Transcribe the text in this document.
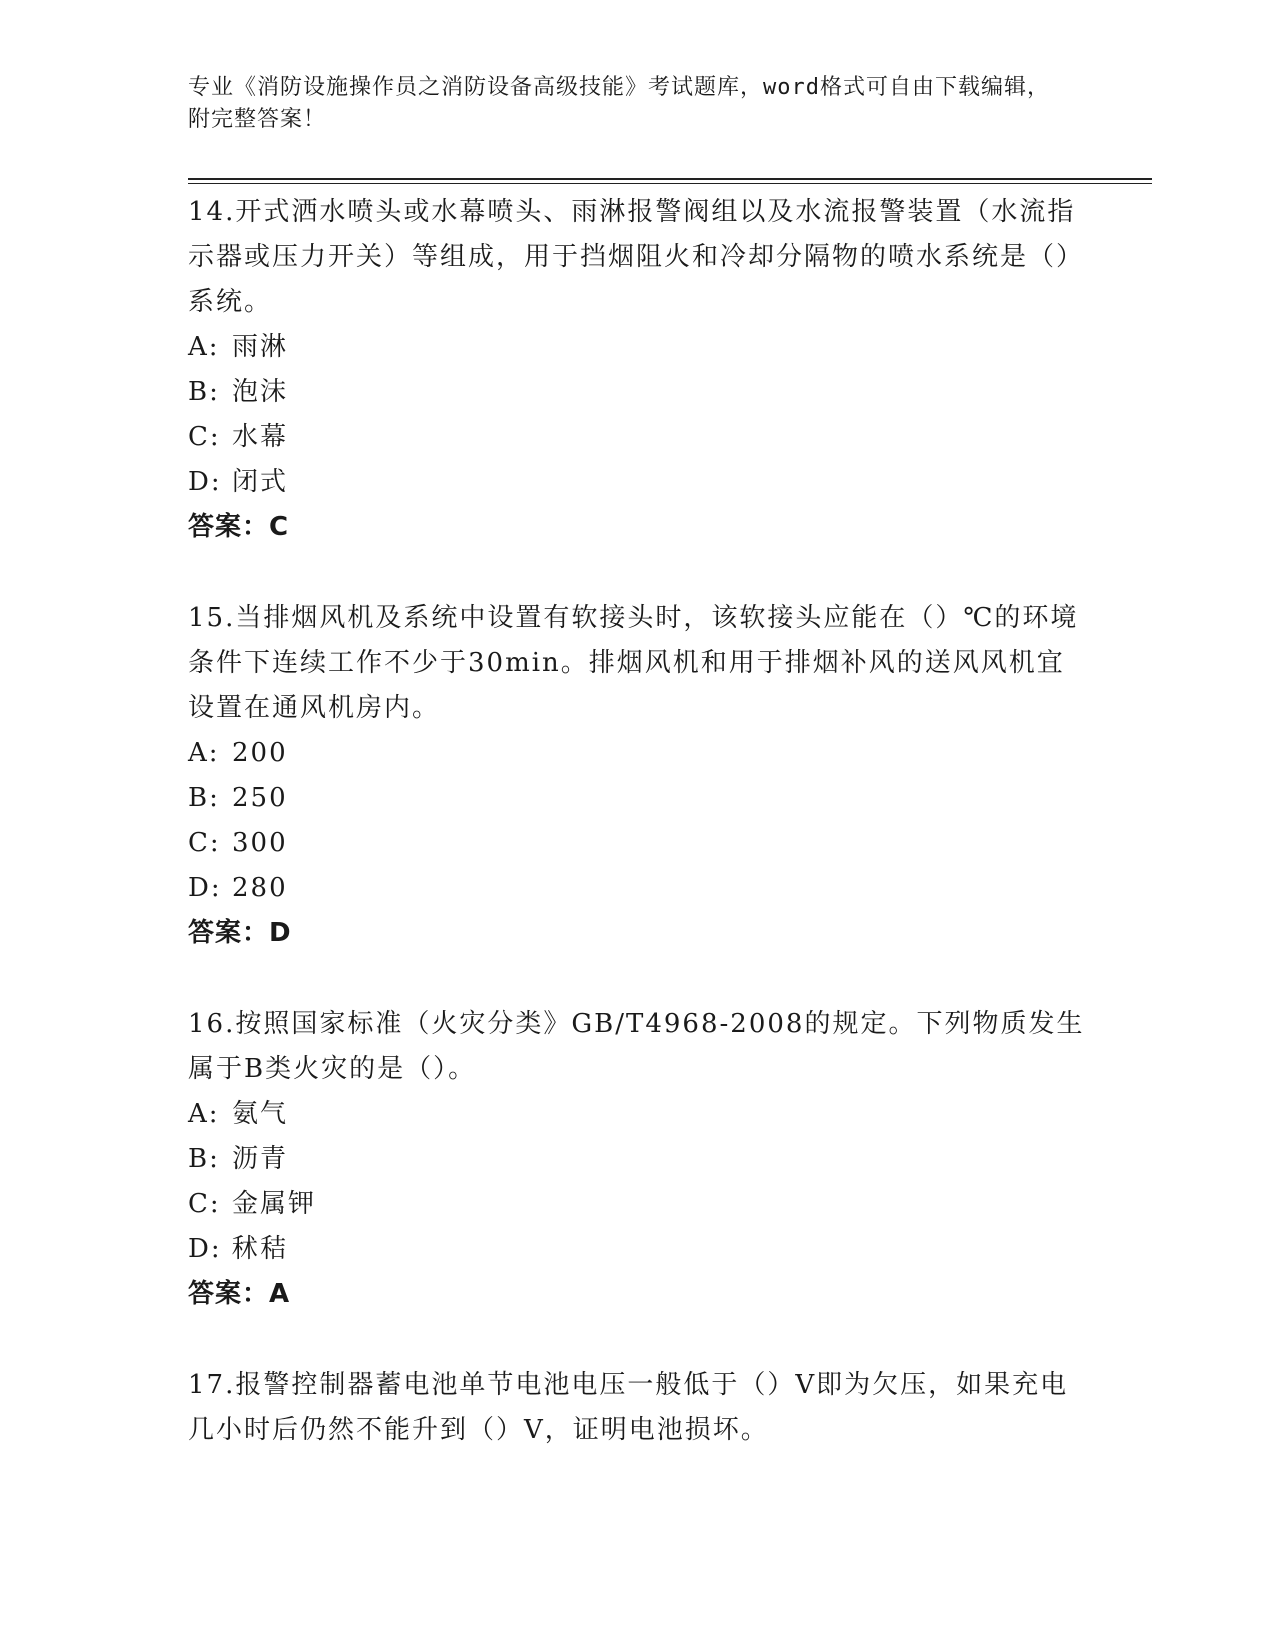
专业《消防设施操作员之消防设备高级技能》考试题库，word格式可自由下载编辑，附完整答案！

14.开式洒水喷头或水幕喷头、雨淋报警阀组以及水流报警装置（水流指示器或压力开关）等组成，用于挡烟阻火和冷却分隔物的喷水系统是（）系统。

A: 雨淋
B: 泡沫
C: 水幕
D: 闭式
答案：C

15.当排烟风机及系统中设置有软接头时，该软接头应能在（）℃的环境条件下连续工作不少于30min。排烟风机和用于排烟补风的送风风机宜设置在通风机房内。

A: 200
B: 250
C: 300
D: 280
答案：D

16.按照国家标准（火灾分类》GB/T4968-2008的规定。下列物质发生属于B类火灾的是（）。

A: 氨气
B: 沥青
C: 金属钾
D: 秫秸
答案：A

17.报警控制器蓄电池单节电池电压一般低于（）V即为欠压，如果充电几小时后仍然不能升到（）V，证明电池损坏。
